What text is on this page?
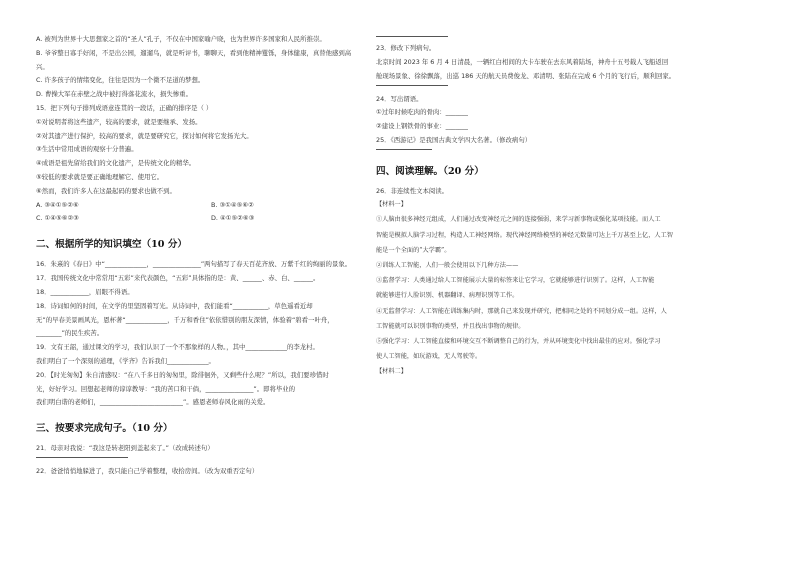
A. 被列为世界十大思想家之首的“圣人”孔子，不仅在中国家喻户晓，也为世界许多国家和人民所推崇。
B. 爷爷整日寡手好闲，不是出公园，遛遛鸟，就是听评书，聊聊天，看到他精神矍铄，身体健康，真替他感到高
兴。
C. 许多孩子的情绪变化，往往是因为一个微不足道的梦想。
D. 曹操大军在赤壁之战中被打得落花流水，损失惨重。
15．把下列句子排列成语意连贯的一段话，正确的排序是（ ）
①对说明者将这些遗产，较高的要求，就是要继承、发扬。
②对其遗产进行保护，较高的要求，就是要研究它，探讨如何将它发扬光大。
③生活中常用成语的观察十分普遍。
④成语是祖先留给我们的文化遗产，是传统文化的精华。
⑤较低的要求就是要正确地理解它、使用它。
⑥然而，我们许多人在这最起码的要求也做不到。
A. ③④①⑤②⑥	B. ③①④⑤⑥②
C. ①④⑤⑥②③	D. ④①⑤②⑥③
二、根据所学的知识填空（10 分）
16．朱熹的《春日》中“_____________，_______________”两句描写了春天百花齐放、万紫千红的绚丽的景象。
17．我国传统文化中常常用“五彩”来代表颜色，“五彩”具体指的是：黄、______、赤、白、______。
18．____________，眉眼不得语。
18．诗词如何的时间，在文学的里坚固着写光。从诗词中，我们能看“___________，草色遥看近却
无”的早春美景画风光，恩杯著“_____________，千万和香住”依依惜别的朋友深情，体验着“碧看一叶舟，
________”的民生疾苦。
19．文有王韶，通过课文的学习，我们认识了一个不那象样的人物。，其中_____________的李龙村。
我们明白了一个深刻的道理，《学齐》告诉我们_____________。
20．【时光匆匆】朱自清感叹：“在八千多日的匆匆里，除徘徊外，又剩些什么呢？”所以，我们要珍惜时
光，好好学习。回想起老师的谆谆教导：“我的苦口和干倘，_______________”。即将毕业的
我们明白谐的老师们，__________________________”。感恩老师春风化雨的关爱。
三、按要求完成句子。（10 分）
21．母亲对我说：“我这是转老阳到盖起来了。”（改成转述句）
22．爸爸悄悄地躲进了，我只能自己学着整理，收拾房间。（改为双重否定句）
23．修改下列病句。
北京时间 2023 年 6 月 4 日清晨，一辆红白相间的大卡车驶在去东风着陆场，神舟十五号载人飞船返回
舱现场景象、徐徐飘落，出巡 186 天的航天员费俊龙、邓清明、张陆在完成 6 个月的飞行后，顺利回家。
24．写出谓语。
①过年时候吃肉的骨肉：_______
②建设上钢铁骨的事业：_______
25．《西游记》是我国古典文学四大名著。（修改病句）
四、阅读理解。（20 分）
26．非连续性文本阅读。
【材料一】
①人脑由很多神经元组成，人们通过改变神经元之间的连接强弱，来学习新事物或强化某项技能。而人工
智能是模拟人脑学习过程，构造人工神经网络。现代神经网络模型的神经元数量可达上千万甚至上亿，人工智
能是一个全面的“大学霸”。
②训练人工智能，人们一般会使用以下几种方法——
③监督学习：人类通过给人工智能展示大量的标签来让它学习，它就能够进行识别了。这样，人工智能
就能够进行人脸识别、机器翻译、病理识别等工作。
④无监督学习：人工智能在训练集内时，那就自己来发现并研究，把相同之处的不同划分成一组。这样，人
工智能就可以识别事物的类型，并且找出事物的规律。
⑤强化学习：人工智能直接和环境交互不断调整自己的行为，并从环境变化中找出最佳的应对。强化学习
使人工智能，如玩游戏，无人驾驶等。
【材料二】
